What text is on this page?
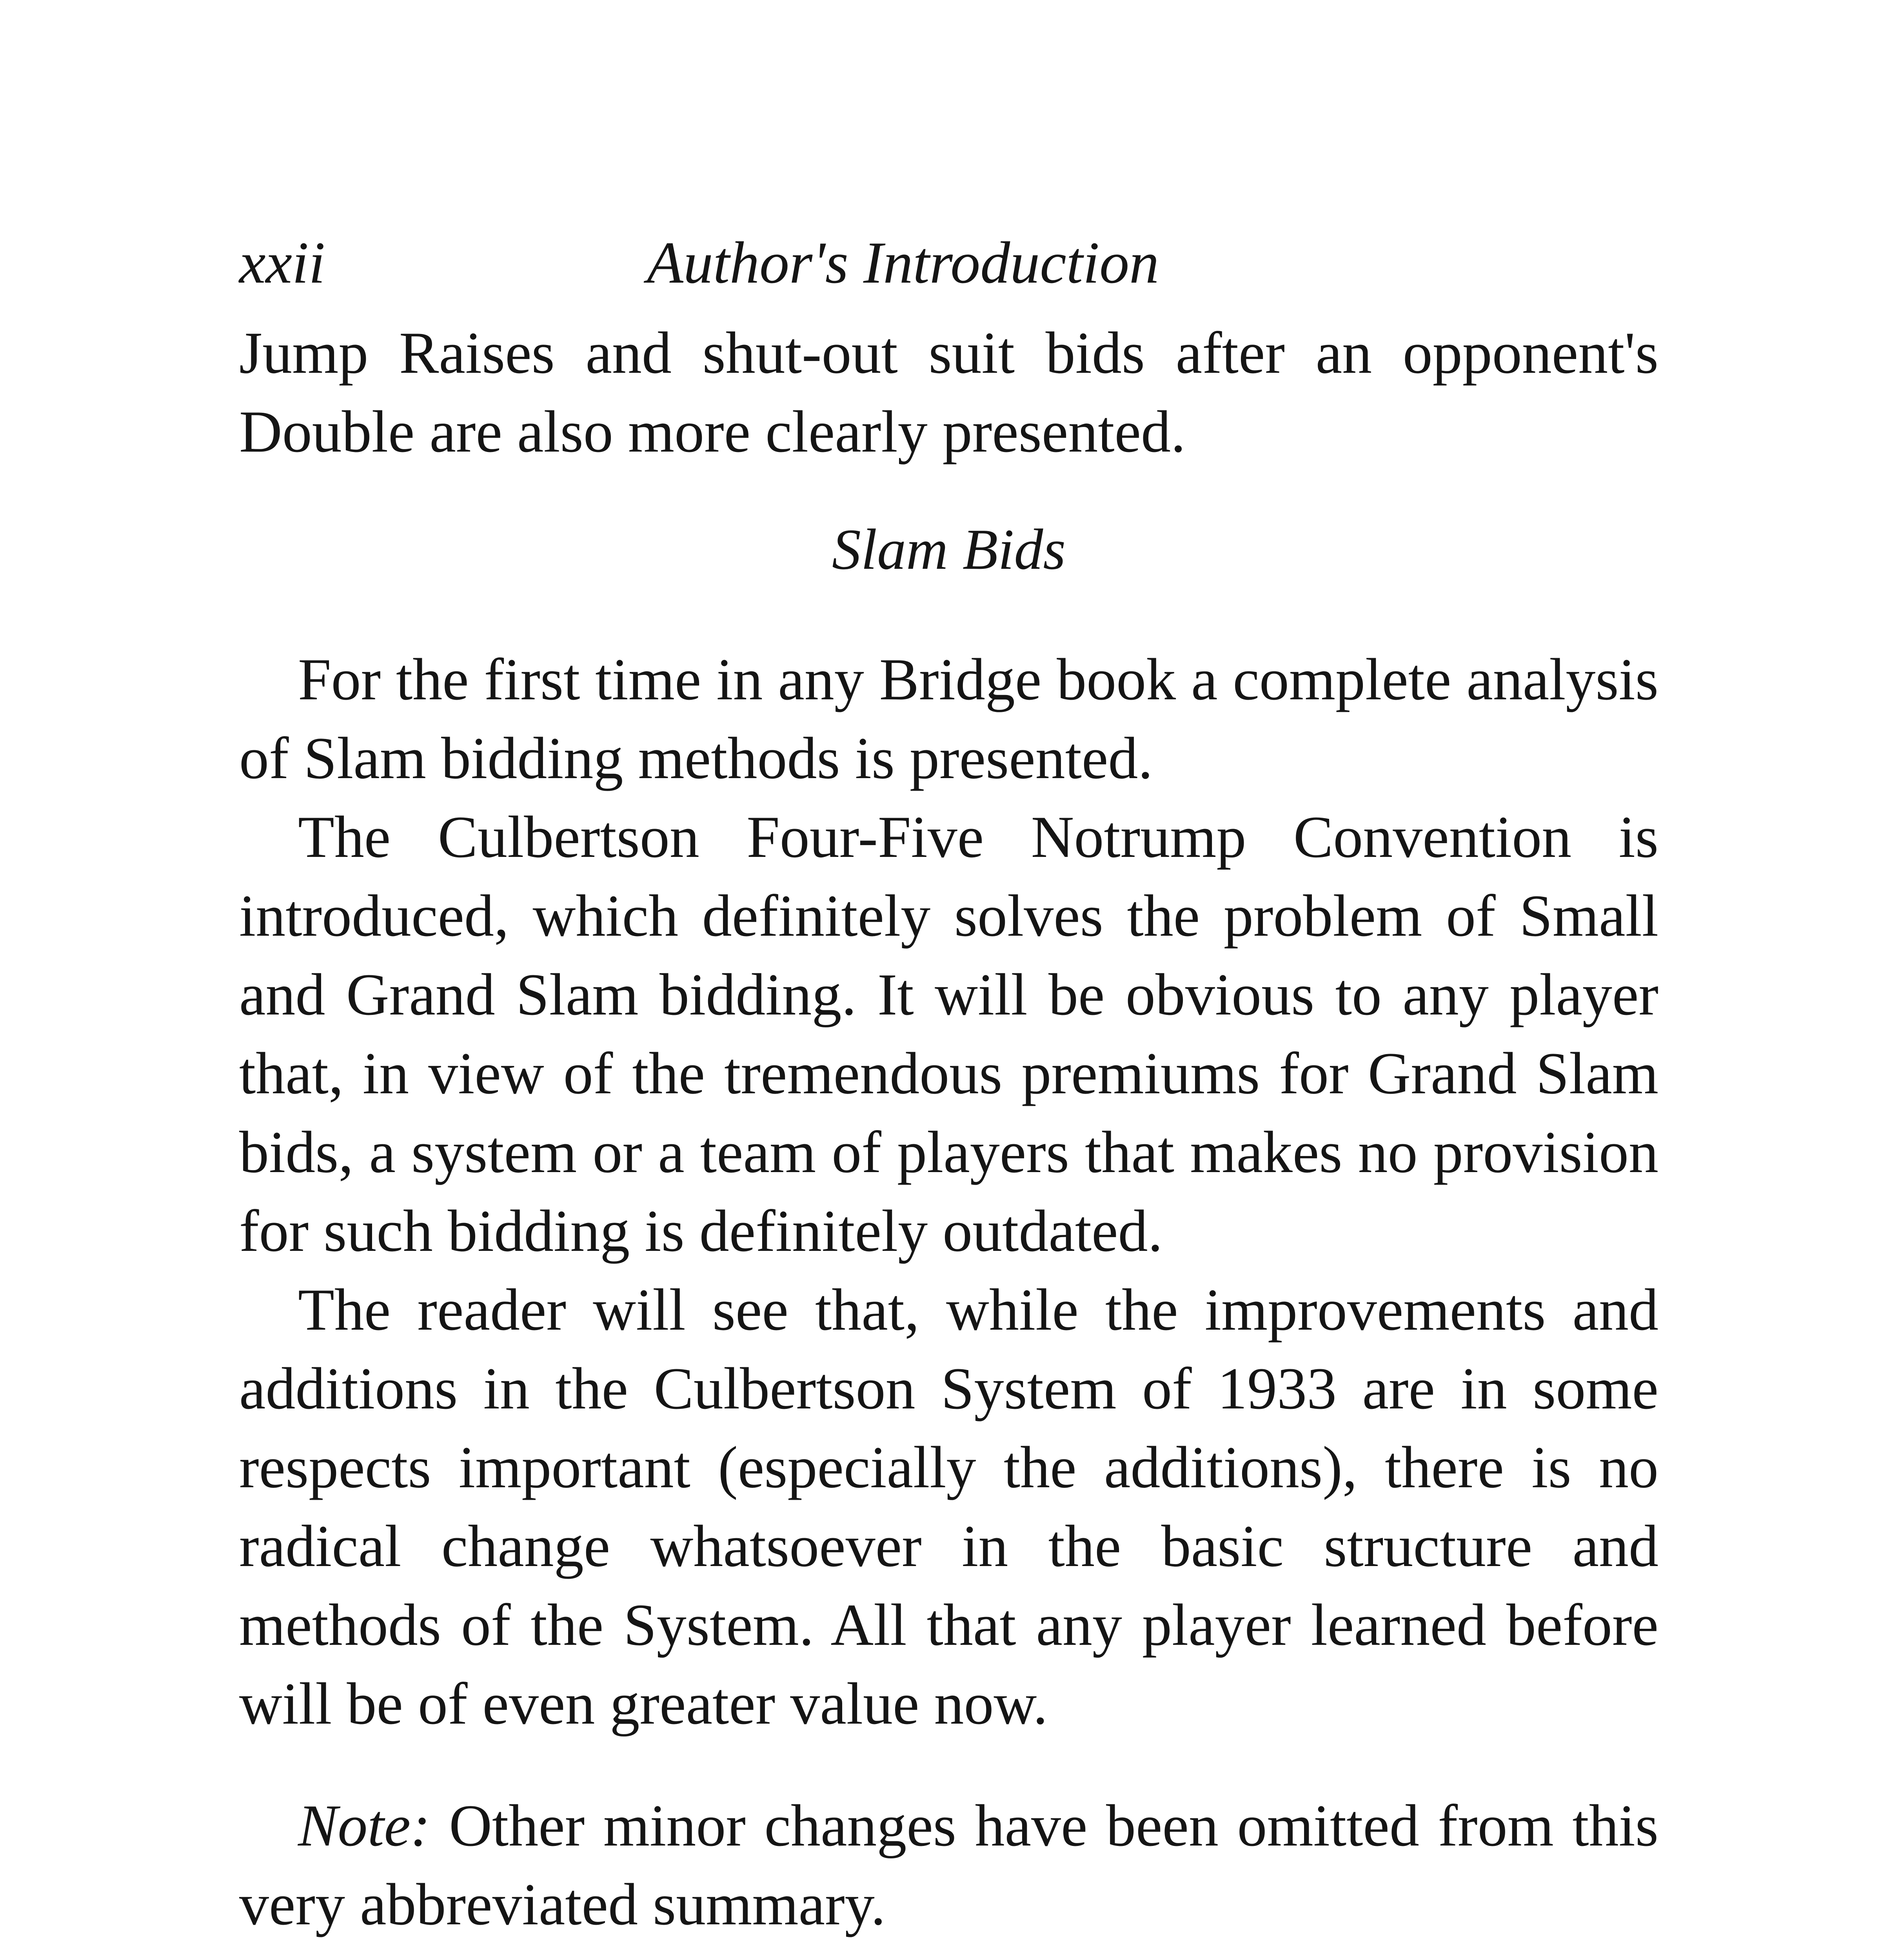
xxii	Author's Introduction

Jump Raises and shut-out suit bids after an opponent's Double are also more clearly presented.

Slam Bids

For the first time in any Bridge book a complete analysis of Slam bidding methods is presented.

The Culbertson Four-Five Notrump Convention is introduced, which definitely solves the problem of Small and Grand Slam bidding. It will be obvious to any player that, in view of the tremendous premiums for Grand Slam bids, a system or a team of players that makes no provision for such bidding is definitely outdated.

The reader will see that, while the improvements and additions in the Culbertson System of 1933 are in some respects important (especially the additions), there is no radical change whatsoever in the basic structure and methods of the System. All that any player learned before will be of even greater value now.

Note: Other minor changes have been omitted from this very abbreviated summary.
